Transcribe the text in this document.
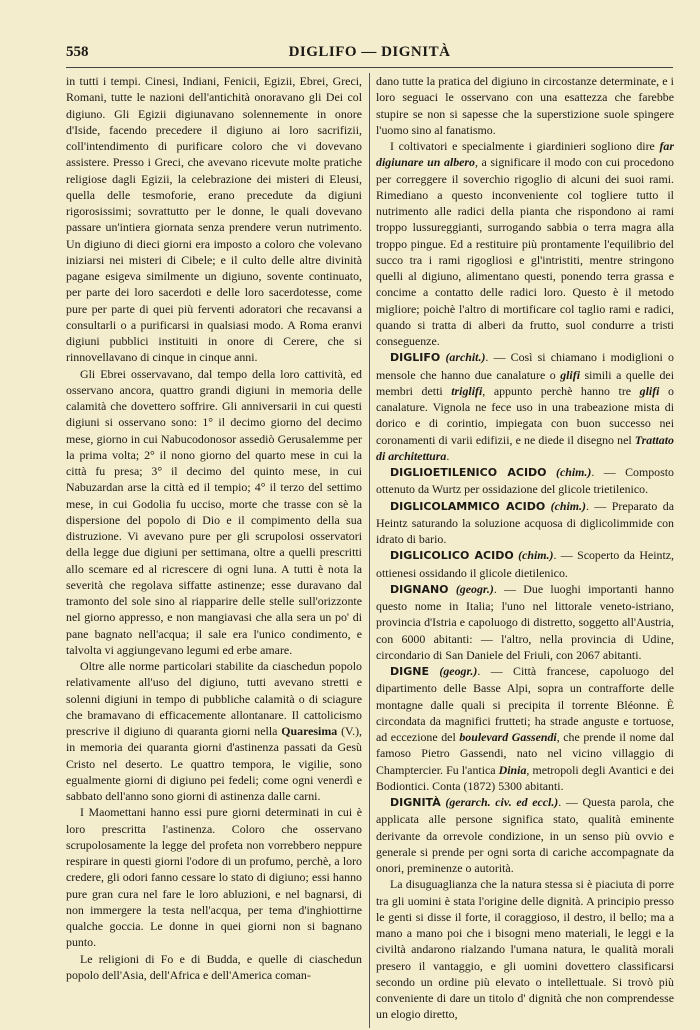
558	DIGLIFO — DIGNITÀ

in tutti i tempi. Cinesi, Indiani, Fenicii, Egizii, Ebrei, Greci, Romani, tutte le nazioni dell'antichità onoravano gli Dei col digiuno. Gli Egizii digiunavano solennemente in onore d'Iside, facendo precedere il digiuno ai loro sacrifizii, coll'intendimento di purificare coloro che vi dovevano assistere. Presso i Greci, che avevano ricevute molte pratiche religiose dagli Egizii, la celebrazione dei misteri di Eleusi, quella delle tesmoforie, erano precedute da digiuni rigorosissimi; sovrattutto per le donne, le quali dovevano passare un'intiera giornata senza prendere verun nutrimento. Un digiuno di dieci giorni era imposto a coloro che volevano iniziarsi nei misteri di Cibele; e il culto delle altre divinità pagane esigeva similmente un digiuno, sovente continuato, per parte dei loro sacerdoti e delle loro sacerdotesse, come pure per parte di quei più ferventi adoratori che recavansi a consultarli o a purificarsi in qualsiasi modo. A Roma eranvi digiuni pubblici instituiti in onore di Cerere, che si rinnovellavano di cinque in cinque anni.

Gli Ebrei osservavano, dal tempo della loro cattività, ed osservano ancora, quattro grandi digiuni in memoria delle calamità che dovettero soffrire. Gli anniversarii in cui questi digiuni si osservano sono: 1° il decimo giorno del decimo mese, giorno in cui Nabucodonosor assediò Gerusalemme per la prima volta; 2° il nono giorno del quarto mese in cui la città fu presa; 3° il decimo del quinto mese, in cui Nabuzardan arse la città ed il tempio; 4° il terzo del settimo mese, in cui Godolia fu ucciso, morte che trasse con sè la dispersione del popolo di Dio e il compimento della sua distruzione. Vi avevano pure per gli scrupolosi osservatori della legge due digiuni per settimana, oltre a quelli prescritti allo scemare ed al ricrescere di ogni luna. A tutti è nota la severità che regolava siffatte astinenze; esse duravano dal tramonto del sole sino al riapparire delle stelle sull'orizzonte nel giorno appresso, e non mangiavasi che alla sera un po' di pane bagnato nell'acqua; il sale era l'unico condimento, e talvolta vi aggiungevano legumi ed erbe amare.

Oltre alle norme particolari stabilite da ciaschedun popolo relativamente all'uso del digiuno, tutti avevano stretti e solenni digiuni in tempo di pubbliche calamità o di sciagure che bramavano di efficacemente allontanare. Il cattolicismo prescrive il digiuno di quaranta giorni nella Quaresima (V.), in memoria dei quaranta giorni d'astinenza passati da Gesù Cristo nel deserto. Le quattro tempora, le vigilie, sono egualmente giorni di digiuno pei fedeli; come ogni venerdì e sabbato dell'anno sono giorni di astinenza dalle carni.

I Maomettani hanno essi pure giorni determinati in cui è loro prescritta l'astinenza. Coloro che osservano scrupolosamente la legge del profeta non vorrebbero neppure respirare in questi giorni l'odore di un profumo, perchè, a loro credere, gli odori fanno cessare lo stato di digiuno; essi hanno pure gran cura nel fare le loro abluzioni, e nel bagnarsi, di non immergere la testa nell'acqua, per tema d'inghiottirne qualche goccia. Le donne in quei giorni non si bagnano punto.

Le religioni di Fo e di Budda, e quelle di ciaschedun popolo dell'Asia, dell'Africa e dell'America coman-

dano tutte la pratica del digiuno in circostanze determinate, e i loro seguaci le osservano con una esattezza che farebbe stupire se non si sapesse che la superstizione suole spingere l'uomo sino al fanatismo.

I coltivatori e specialmente i giardinieri sogliono dire far digiunare un albero, a significare il modo con cui procedono per correggere il soverchio rigoglio di alcuni dei suoi rami. Rimediano a questo inconveniente col togliere tutto il nutrimento alle radici della pianta che rispondono ai rami troppo lussureggianti, surrogando sabbia o terra magra alla troppo pingue. Ed a restituire più prontamente l'equilibrio del succo tra i rami rigogliosi e gl'intristiti, mentre stringono quelli al digiuno, alimentano questi, ponendo terra grassa e concime a contatto delle radici loro. Questo è il metodo migliore; poichè l'altro di mortificare col taglio rami e radici, quando si tratta di alberi da frutto, suol condurre a tristi conseguenze.

DIGLIFO (archit.). — Così si chiamano i modiglioni o mensole che hanno due canalature o glifi simili a quelle dei membri detti triglifi, appunto perchè hanno tre glifi o canalature. Vignola ne fece uso in una trabeazione mista di dorico e di corintio, impiegata con buon successo nei coronamenti di varii edifizii, e ne diede il disegno nel Trattato di architettura.

DIGLIOETILENICO ACIDO (chim.). — Composto ottenuto da Wurtz per ossidazione del glicole trietilenico.

DIGLICOLAMMICO ACIDO (chim.). — Preparato da Heintz saturando la soluzione acquosa di diglicolimmide con idrato di bario.

DIGLICOLICO ACIDO (chim.). — Scoperto da Heintz, ottienesi ossidando il glicole dietilenico.

DIGNANO (geogr.). — Due luoghi importanti hanno questo nome in Italia; l'uno nel littorale veneto-istriano, provincia d'Istria e capoluogo di distretto, soggetto all'Austria, con 6000 abitanti: — l'altro, nella provincia di Udine, circondario di San Daniele del Friuli, con 2067 abitanti.

DIGNE (geogr.). — Città francese, capoluogo del dipartimento delle Basse Alpi, sopra un contrafforte delle montagne dalle quali si precipita il torrente Bléonne. È circondata da magnifici frutteti; ha strade anguste e tortuose, ad eccezione del boulevard Gassendi, che prende il nome dal famoso Pietro Gassendi, nato nel vicino villaggio di Champtercier. Fu l'antica Dinia, metropoli degli Avantici e dei Bodiontici. Conta (1872) 5300 abitanti.

DIGNITÀ (gerarch. civ. ed eccl.). — Questa parola, che applicata alle persone significa stato, qualità eminente derivante da orrevole condizione, in un senso più ovvio e generale si prende per ogni sorta di cariche accompagnate da onori, preminenze o autorità.

La disuguaglianza che la natura stessa si è piaciuta di porre tra gli uomini è stata l'origine delle dignità. A principio presso le genti si disse il forte, il coraggioso, il destro, il bello; ma a mano a mano poi che i bisogni meno materiali, le leggi e la civiltà andarono rialzando l'umana natura, le qualità morali presero il vantaggio, e gli uomini dovettero classificarsi secondo un ordine più elevato o intellettuale. Si trovò più conveniente di dare un titolo d' dignità che non comprendesse un elogio diretto,
